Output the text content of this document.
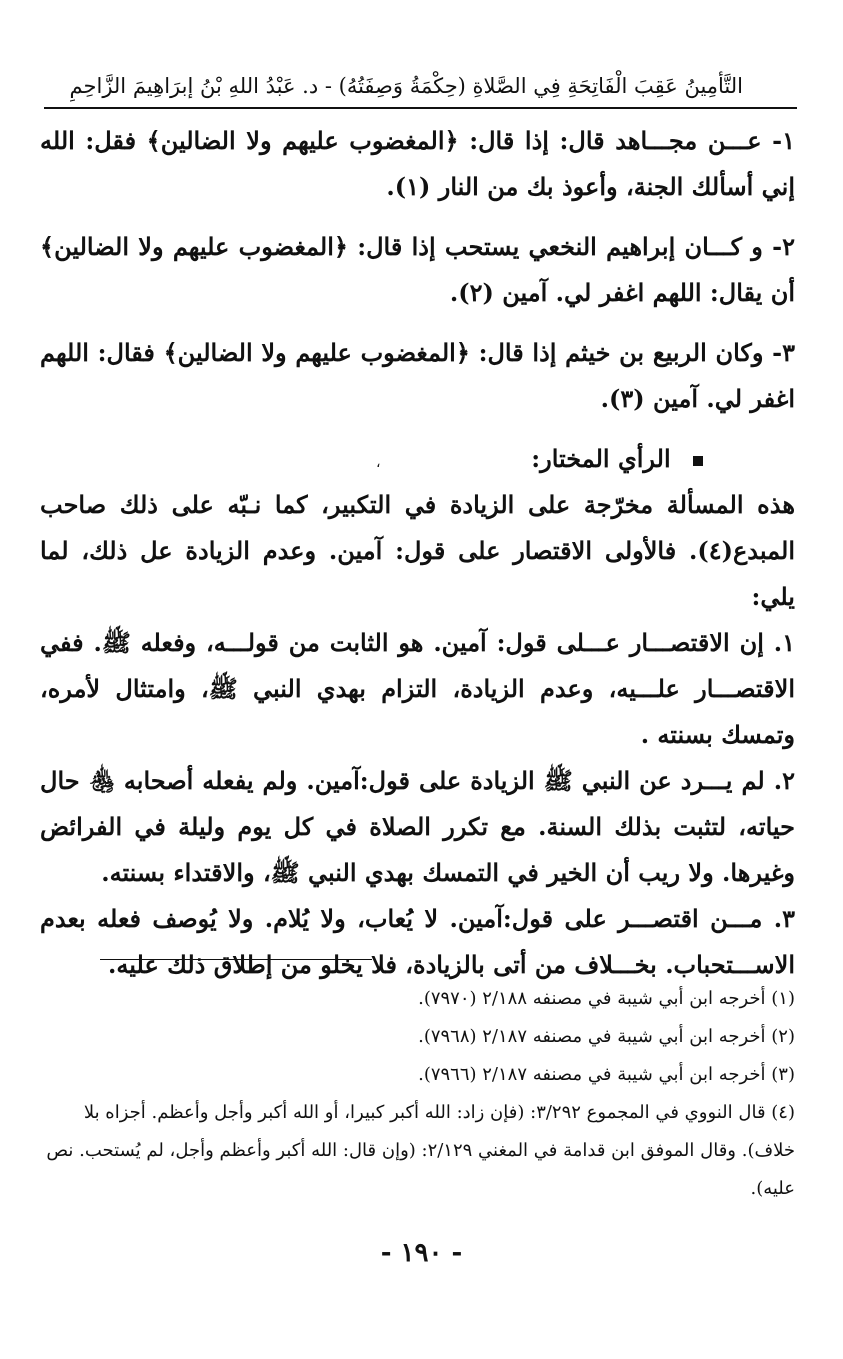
التَّأمِينُ عَقِبَ الْفَاتِحَةِ فِي الصَّلاةِ (حِكْمَةُ وَصِفَتُهُ) - د. عَبْدُ اللهِ بْنُ إبرَاهِيمَ الزَّاحِمِ

١- عـــن مجـــاهد قال: إذا قال: ﴿المغضوب عليهم ولا الضالين﴾ فقل: الله إني أسألك الجنة، وأعوذ بك من النار (١).

٢- و كـــان إبراهيم النخعي يستحب إذا قال: ﴿المغضوب عليهم ولا الضالين﴾ أن يقال: اللهم اغفر لي. آمين (٢).

٣- وكان الربيع بن خيثم إذا قال: ﴿المغضوب عليهم ولا الضالين﴾ فقال: اللهم اغفر لي. آمين (٣).

الرأي المختار:
،

هذه المسألة مخرّجة على الزيادة في التكبير، كما نـبّه على ذلك صاحب المبدع(٤). فالأولى الاقتصار على قول: آمين. وعدم الزيادة عل ذلك، لما يلي:

١. إن الاقتصـــار عـــلى قول: آمين. هو الثابت من قولـــه، وفعله ﷺ. ففي الاقتصـــار علـــيه، وعدم الزيادة، التزام بهدي النبي ﷺ، وامتثال لأمره، وتمسك بسنته .

٢. لم يـــرد عن النبي ﷺ الزيادة على قول:آمين. ولم يفعله أصحابه ﵃ حال حياته، لتثبت بذلك السنة. مع تكرر الصلاة في كل يوم وليلة في الفرائض وغيرها. ولا ريب أن الخير في التمسك بهدي النبي ﷺ، والاقتداء بسنته.

٣. مـــن اقتصـــر على قول:آمين. لا يُعاب، ولا يُلام. ولا يُوصف فعله بعدم الاســـتحباب. بخـــلاف من أتى بالزيادة، فلا يخلو من إطلاق ذلك عليه.

(١) أخرجه ابن أبي شيبة في مصنفه ٢/١٨٨ (٧٩٧٠).

(٢) أخرجه ابن أبي شيبة في مصنفه ٢/١٨٧ (٧٩٦٨).

(٣) أخرجه ابن أبي شيبة في مصنفه ٢/١٨٧ (٧٩٦٦).

(٤) قال النووي في المجموع ٣/٢٩٢: (فإن زاد: الله أكبر كبيرا، أو الله أكبر وأجل وأعظم. أجزاه بلا خلاف). وقال الموفق ابن قدامة في المغني ٢/١٢٩: (وإن قال: الله أكبر وأعظم وأجل، لم يُستحب. نص عليه).

- ١٩٠ -
